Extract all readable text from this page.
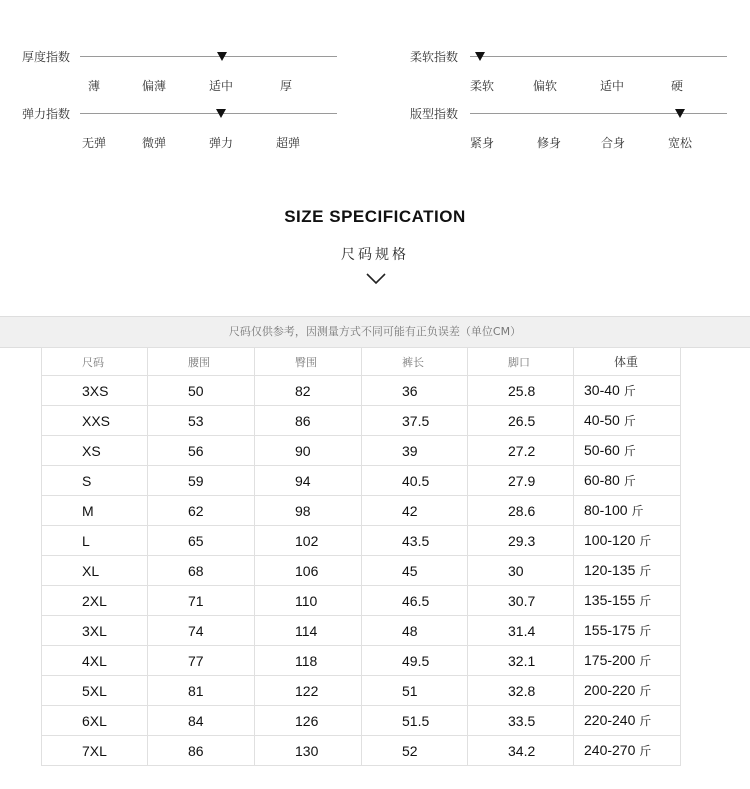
厚度指数
薄	偏薄	适中	厚
柔软指数
柔软	偏软	适中	硬
弹力指数
无弹	微弹	弹力	超弹
版型指数
紧身	修身	合身	宽松
SIZE SPECIFICATION
尺码规格
尺码仅供参考，因测量方式不同可能有正负误差（单位CM）
尺码	腰围	臀围	裤长	脚口	体重
3XS	50	82	36	25.8	30-40 斤
XXS	53	86	37.5	26.5	40-50 斤
XS	56	90	39	27.2	50-60 斤
S	59	94	40.5	27.9	60-80 斤
M	62	98	42	28.6	80-100 斤
L	65	102	43.5	29.3	100-120 斤
XL	68	106	45	30	120-135 斤
2XL	71	110	46.5	30.7	135-155 斤
3XL	74	114	48	31.4	155-175 斤
4XL	77	118	49.5	32.1	175-200 斤
5XL	81	122	51	32.8	200-220 斤
6XL	84	126	51.5	33.5	220-240 斤
7XL	86	130	52	34.2	240-270 斤
